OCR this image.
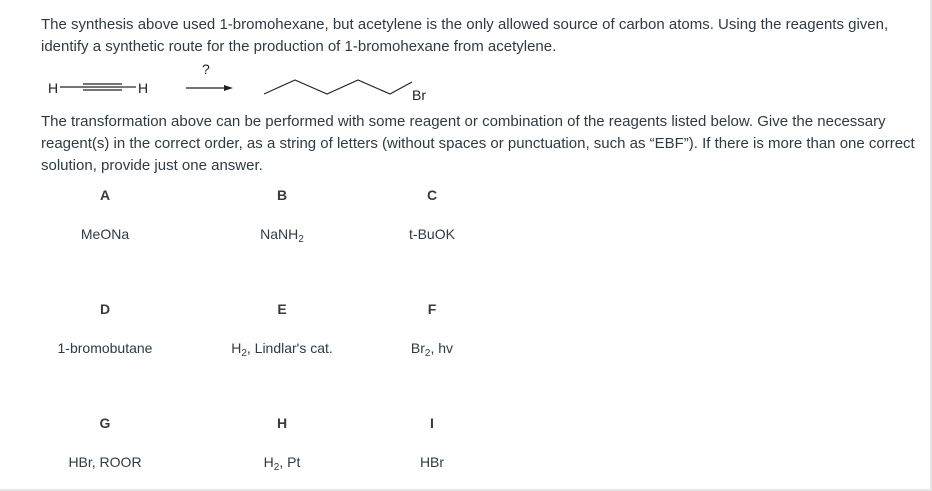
The synthesis above used 1-bromohexane, but acetylene is the only allowed source of carbon atoms. Using the reagents given, identify a synthetic route for the production of 1-bromohexane from acetylene.

H	H
?
Br

The transformation above can be performed with some reagent or combination of the reagents listed below. Give the necessary reagent(s) in the correct order, as a string of letters (without spaces or punctuation, such as “EBF”). If there is more than one correct solution, provide just one answer.

A	B	C
MeONa	NaNH$_2$	t-BuOK
D	E	F
1-bromobutane	$H_2$, Lindlar's cat.	$Br_2$, hv
G	H	I
HBr, ROOR	$H_2$, Pt	HBr
